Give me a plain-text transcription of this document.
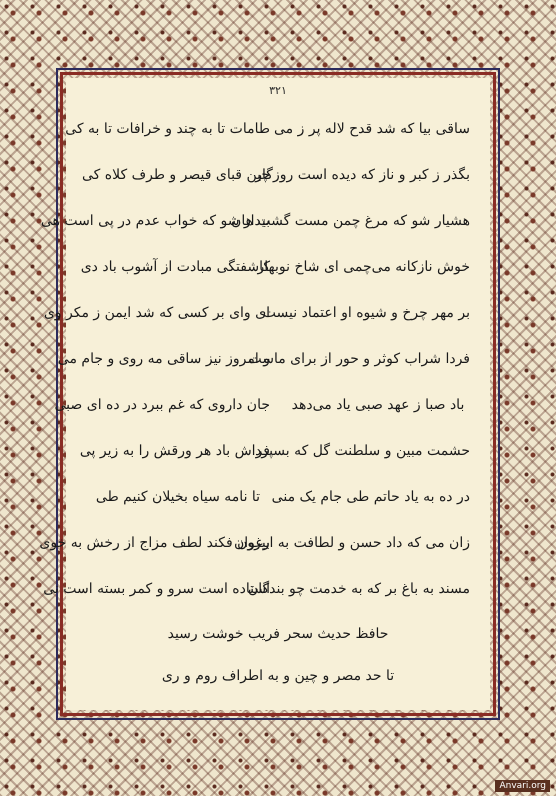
۳۲۱
ساقی بیا که شد قدح لاله پر ز می
طامات تا به چند و خرافات تا به کی
بگذر ز کبر و ناز که دیده است روزگار
چین قبای قیصر و طرف کلاه کی
هشیار شو که مرغ چمن مست گشت هان
بیدار شو که خواب عدم در پی است هی
خوش نازکانه می‌چمی ای شاخ نوبهار
کاشفتگی مبادت از آشوب باد دی
بر مهر چرخ و شیوه او اعتماد نیست
ای وای بر کسی که شد ایمن ز مکر وی
فردا شراب کوثر و حور از برای ماست
و امروز نیز ساقی مه روی و جام می
باد صبا ز عهد صبی یاد می‌دهد
جان داروی که غم ببرد در ده ای صبی
حشمت مبین و سلطنت گل که بسپرد
فراش باد هر ورقش را به زیر پی
در ده به یاد حاتم طی جام یک منی
تا نامه سیاه بخیلان کنیم طی
زان می که داد حسن و لطافت به ارغوان
بیرون فکند لطف مزاج از رخش به خوی
مسند به باغ بر که به خدمت چو بندگان
استاده است سرو و کمر بسته است نی
حافظ حدیث سحر فریب خوشت رسید
تا حد مصر و چین و به اطراف روم و ری
Anvari.org
